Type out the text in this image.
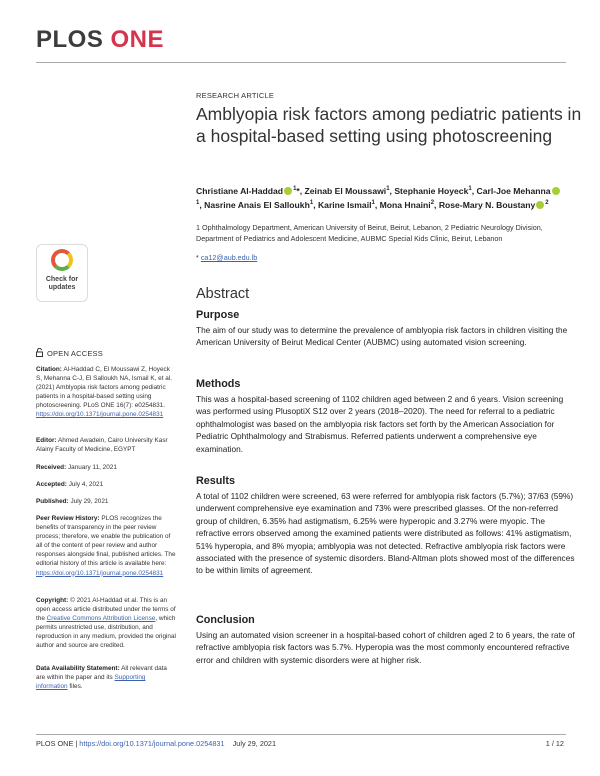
PLOS ONE
RESEARCH ARTICLE
Amblyopia risk factors among pediatric patients in a hospital-based setting using photoscreening
Christiane Al-Haddad $^1$*, Zeinab El Moussawi$^1$, Stephanie Hoyeck$^1$, Carl-Joe Mehanna$^1$, Nasrine Anais El Salloukh$^1$, Karine Ismail$^1$, Mona Hnaini$^2$, Rose-Mary N. Boustany $^2$
1 Ophthalmology Department, American University of Beirut, Beirut, Lebanon, 2 Pediatric Neurology Division, Department of Pediatrics and Adolescent Medicine, AUBMC Special Kids Clinic, Beirut, Lebanon
* ca12@aub.edu.lb
Abstract
Purpose

The aim of our study was to determine the prevalence of amblyopia risk factors in children visiting the American University of Beirut Medical Center (AUBMC) using automated vision screening.

Methods

This was a hospital-based screening of 1102 children aged between 2 and 6 years. Vision screening was performed using PlusoptiX S12 over 2 years (2018–2020). The need for referral to a pediatric ophthalmologist was based on the amblyopia risk factors set forth by the American Association for Pediatric Ophthalmology and Strabismus. Referred patients underwent a comprehensive eye examination.

Results

A total of 1102 children were screened, 63 were referred for amblyopia risk factors (5.7%); 37/63 (59%) underwent comprehensive eye examination and 73% were prescribed glasses. Of the non-referred group of children, 6.35% had astigmatism, 6.25% were hyperopic and 3.27% were myopic. The refractive errors observed among the examined patients were distributed as follows: 41% astigmatism, 51% hyperopia, and 8% myopia; amblyopia was not detected. Refractive amblyopia risk factors were associated with the presence of systemic disorders. Bland-Altman plots showed most of the differences to be within limits of agreement.

Conclusion

Using an automated vision screener in a hospital-based cohort of children aged 2 to 6 years, the rate of refractive amblyopia risk factors was 5.7%. Hyperopia was the most commonly encountered refractive error and children with systemic disorders were at higher risk.

Check for updates
OPEN ACCESS
Citation: Al-Haddad C, El Moussawi Z, Hoyeck S, Mehanna C-J, El Salloukh NA, Ismail K, et al. (2021) Amblyopia risk factors among pediatric patients in a hospital-based setting using photoscreening. PLoS ONE 16(7): e0254831. https://doi.org/10.1371/journal.pone.0254831
Editor: Ahmed Awadein, Cairo University Kasr Alainy Faculty of Medicine, EGYPT
Received: January 11, 2021
Accepted: July 4, 2021
Published: July 29, 2021
Peer Review History: PLOS recognizes the benefits of transparency in the peer review process; therefore, we enable the publication of all of the content of peer review and author responses alongside final, published articles. The editorial history of this article is available here: https://doi.org/10.1371/journal.pone.0254831
Copyright: © 2021 Al-Haddad et al. This is an open access article distributed under the terms of the Creative Commons Attribution License, which permits unrestricted use, distribution, and reproduction in any medium, provided the original author and source are credited.
Data Availability Statement: All relevant data are within the paper and its Supporting information files.
PLOS ONE | https://doi.org/10.1371/journal.pone.0254831 July 29, 2021	1 / 12
